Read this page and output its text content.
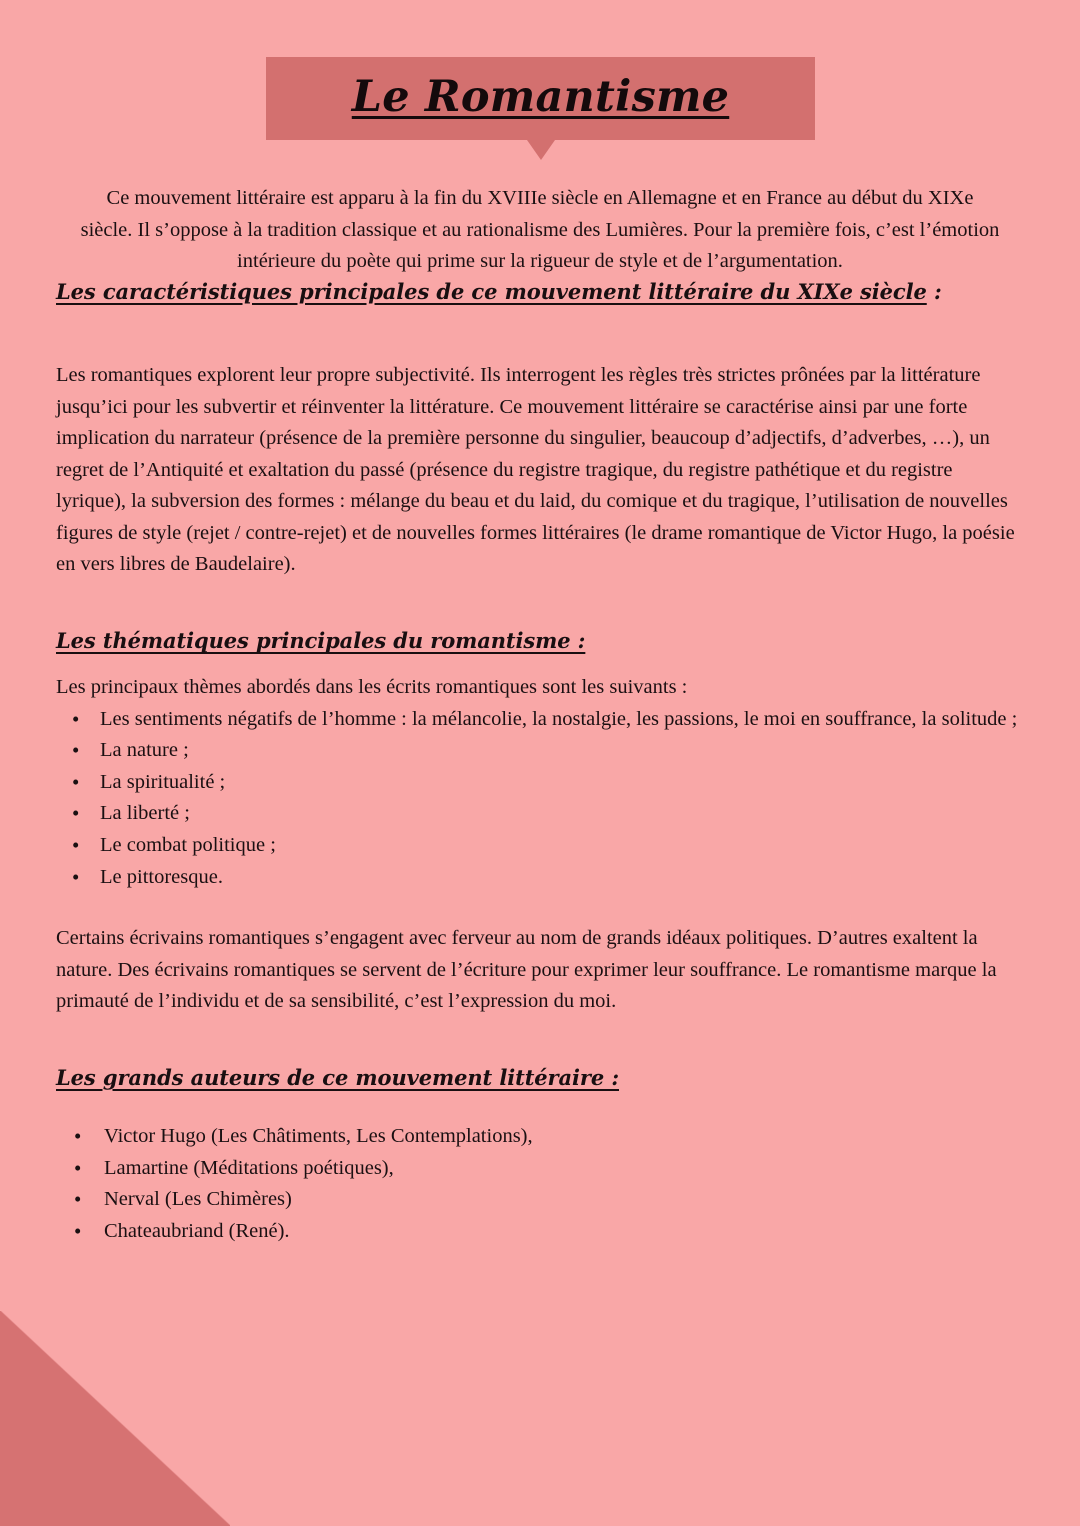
Le Romantisme

Ce mouvement littéraire est apparu à la fin du XVIIIe siècle en Allemagne et en France au début du XIXe siècle. Il s’oppose à la tradition classique et au rationalisme des Lumières. Pour la première fois, c’est l’émotion intérieure du poète qui prime sur la rigueur de style et de l’argumentation.

Les caractéristiques principales de ce mouvement littéraire du XIXe siècle :

Les romantiques explorent leur propre subjectivité. Ils interrogent les règles très strictes prônées par la littérature jusqu’ici pour les subvertir et réinventer la littérature. Ce mouvement littéraire se caractérise ainsi par une forte implication du narrateur (présence de la première personne du singulier, beaucoup d’adjectifs, d’adverbes, …), un regret de l’Antiquité et exaltation du passé (présence du registre tragique, du registre pathétique et du registre lyrique), la subversion des formes : mélange du beau et du laid, du comique et du tragique, l’utilisation de nouvelles figures de style (rejet / contre-rejet) et de nouvelles formes littéraires (le drame romantique de Victor Hugo, la poésie en vers libres de Baudelaire).

Les thématiques principales du romantisme :

Les principaux thèmes abordés dans les écrits romantiques sont les suivants :

• Les sentiments négatifs de l’homme : la mélancolie, la nostalgie, les passions, le moi en souffrance, la solitude ;
• La nature ;
• La spiritualité ;
• La liberté ;
• Le combat politique ;
• Le pittoresque.

Certains écrivains romantiques s’engagent avec ferveur au nom de grands idéaux politiques. D’autres exaltent la nature. Des écrivains romantiques se servent de l’écriture pour exprimer leur souffrance. Le romantisme marque la primauté de l’individu et de sa sensibilité, c’est l’expression du moi.

Les grands auteurs de ce mouvement littéraire :
• Victor Hugo (Les Châtiments, Les Contemplations),
• Lamartine (Méditations poétiques),
• Nerval (Les Chimères)
• Chateaubriand (René).
